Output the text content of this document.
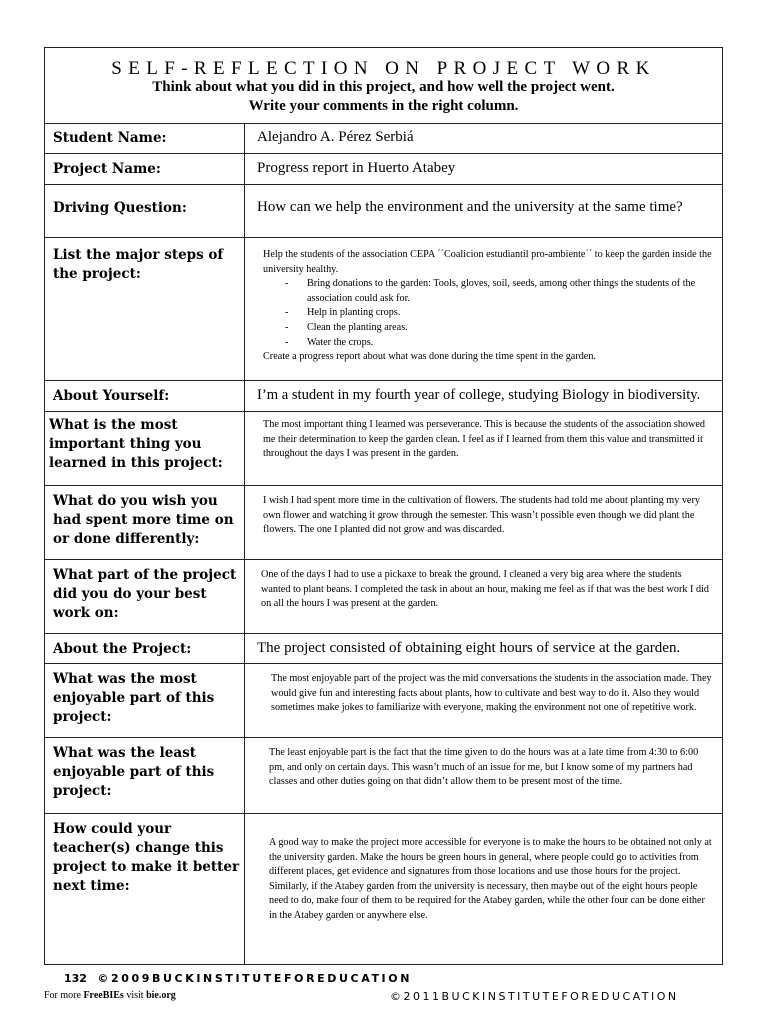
SELF-REFLECTION ON PROJECT WORK
Think about what you did in this project, and how well the project went.
Write your comments in the right column.
Student Name:	Alejandro A. Pérez Serbiá
Project Name:	Progress report in Huerto Atabey
Driving Question:	How can we help the environment and the university at the same time?
List the major steps of the project:
Help the students of the association CEPA ´´Coalicion estudiantil pro-ambiente´´ to keep the garden inside the university healthy.
- Bring donations to the garden: Tools, gloves, soil, seeds, among other things the students of the association could ask for.
- Help in planting crops.
- Clean the planting areas.
- Water the crops.
Create a progress report about what was done during the time spent in the garden.
About Yourself:	I’m a student in my fourth year of college, studying Biology in biodiversity.
What is the most important thing you learned in this project:
The most important thing I learned was perseverance. This is because the students of the association showed me their determination to keep the garden clean. I feel as if I learned from them this value and transmitted it throughout the days I was present in the garden.
What do you wish you had spent more time on or done differently:
I wish I had spent more time in the cultivation of flowers. The students had told me about planting my very own flower and watching it grow through the semester. This wasn’t possible even though we did plant the flowers. The one I planted did not grow and was discarded.
What part of the project did you do your best work on:
One of the days I had to use a pickaxe to break the ground. I cleaned a very big area where the students wanted to plant beans. I completed the task in about an hour, making me feel as if that was the best work I did on all the hours I was present at the garden.
About the Project:	The project consisted of obtaining eight hours of service at the garden.
What was the most enjoyable part of this project:
The most enjoyable part of the project was the mid conversations the students in the association made. They would give fun and interesting facts about plants, how to cultivate and best way to do it. Also they would sometimes make jokes to familiarize with everyone, making the environment not one of repetitive work.
What was the least enjoyable part of this project:
The least enjoyable part is the fact that the time given to do the hours was at a late time from 4:30 to 6:00 pm, and only on certain days. This wasn’t much of an issue for me, but I know some of my partners had classes and other duties going on that didn’t allow them to be present most of the time.
How could your teacher(s) change this project to make it better next time:
A good way to make the project more accessible for everyone is to make the hours to be obtained not only at the university garden. Make the hours be green hours in general, where people could go to activities from different places, get evidence and signatures from those locations and use those hours for the project. Similarly, if the Atabey garden from the university is necessary, then maybe out of the eight hours people need to do, make four of them to be required for the Atabey garden, while the other four can be done either in the Atabey garden or anywhere else.
132 ©2009BUCKINSTITUTEFOREDUCATION
For more FreeBIEs visit bie.org	©2011BUCKINSTITUTEFOREDUCATION
